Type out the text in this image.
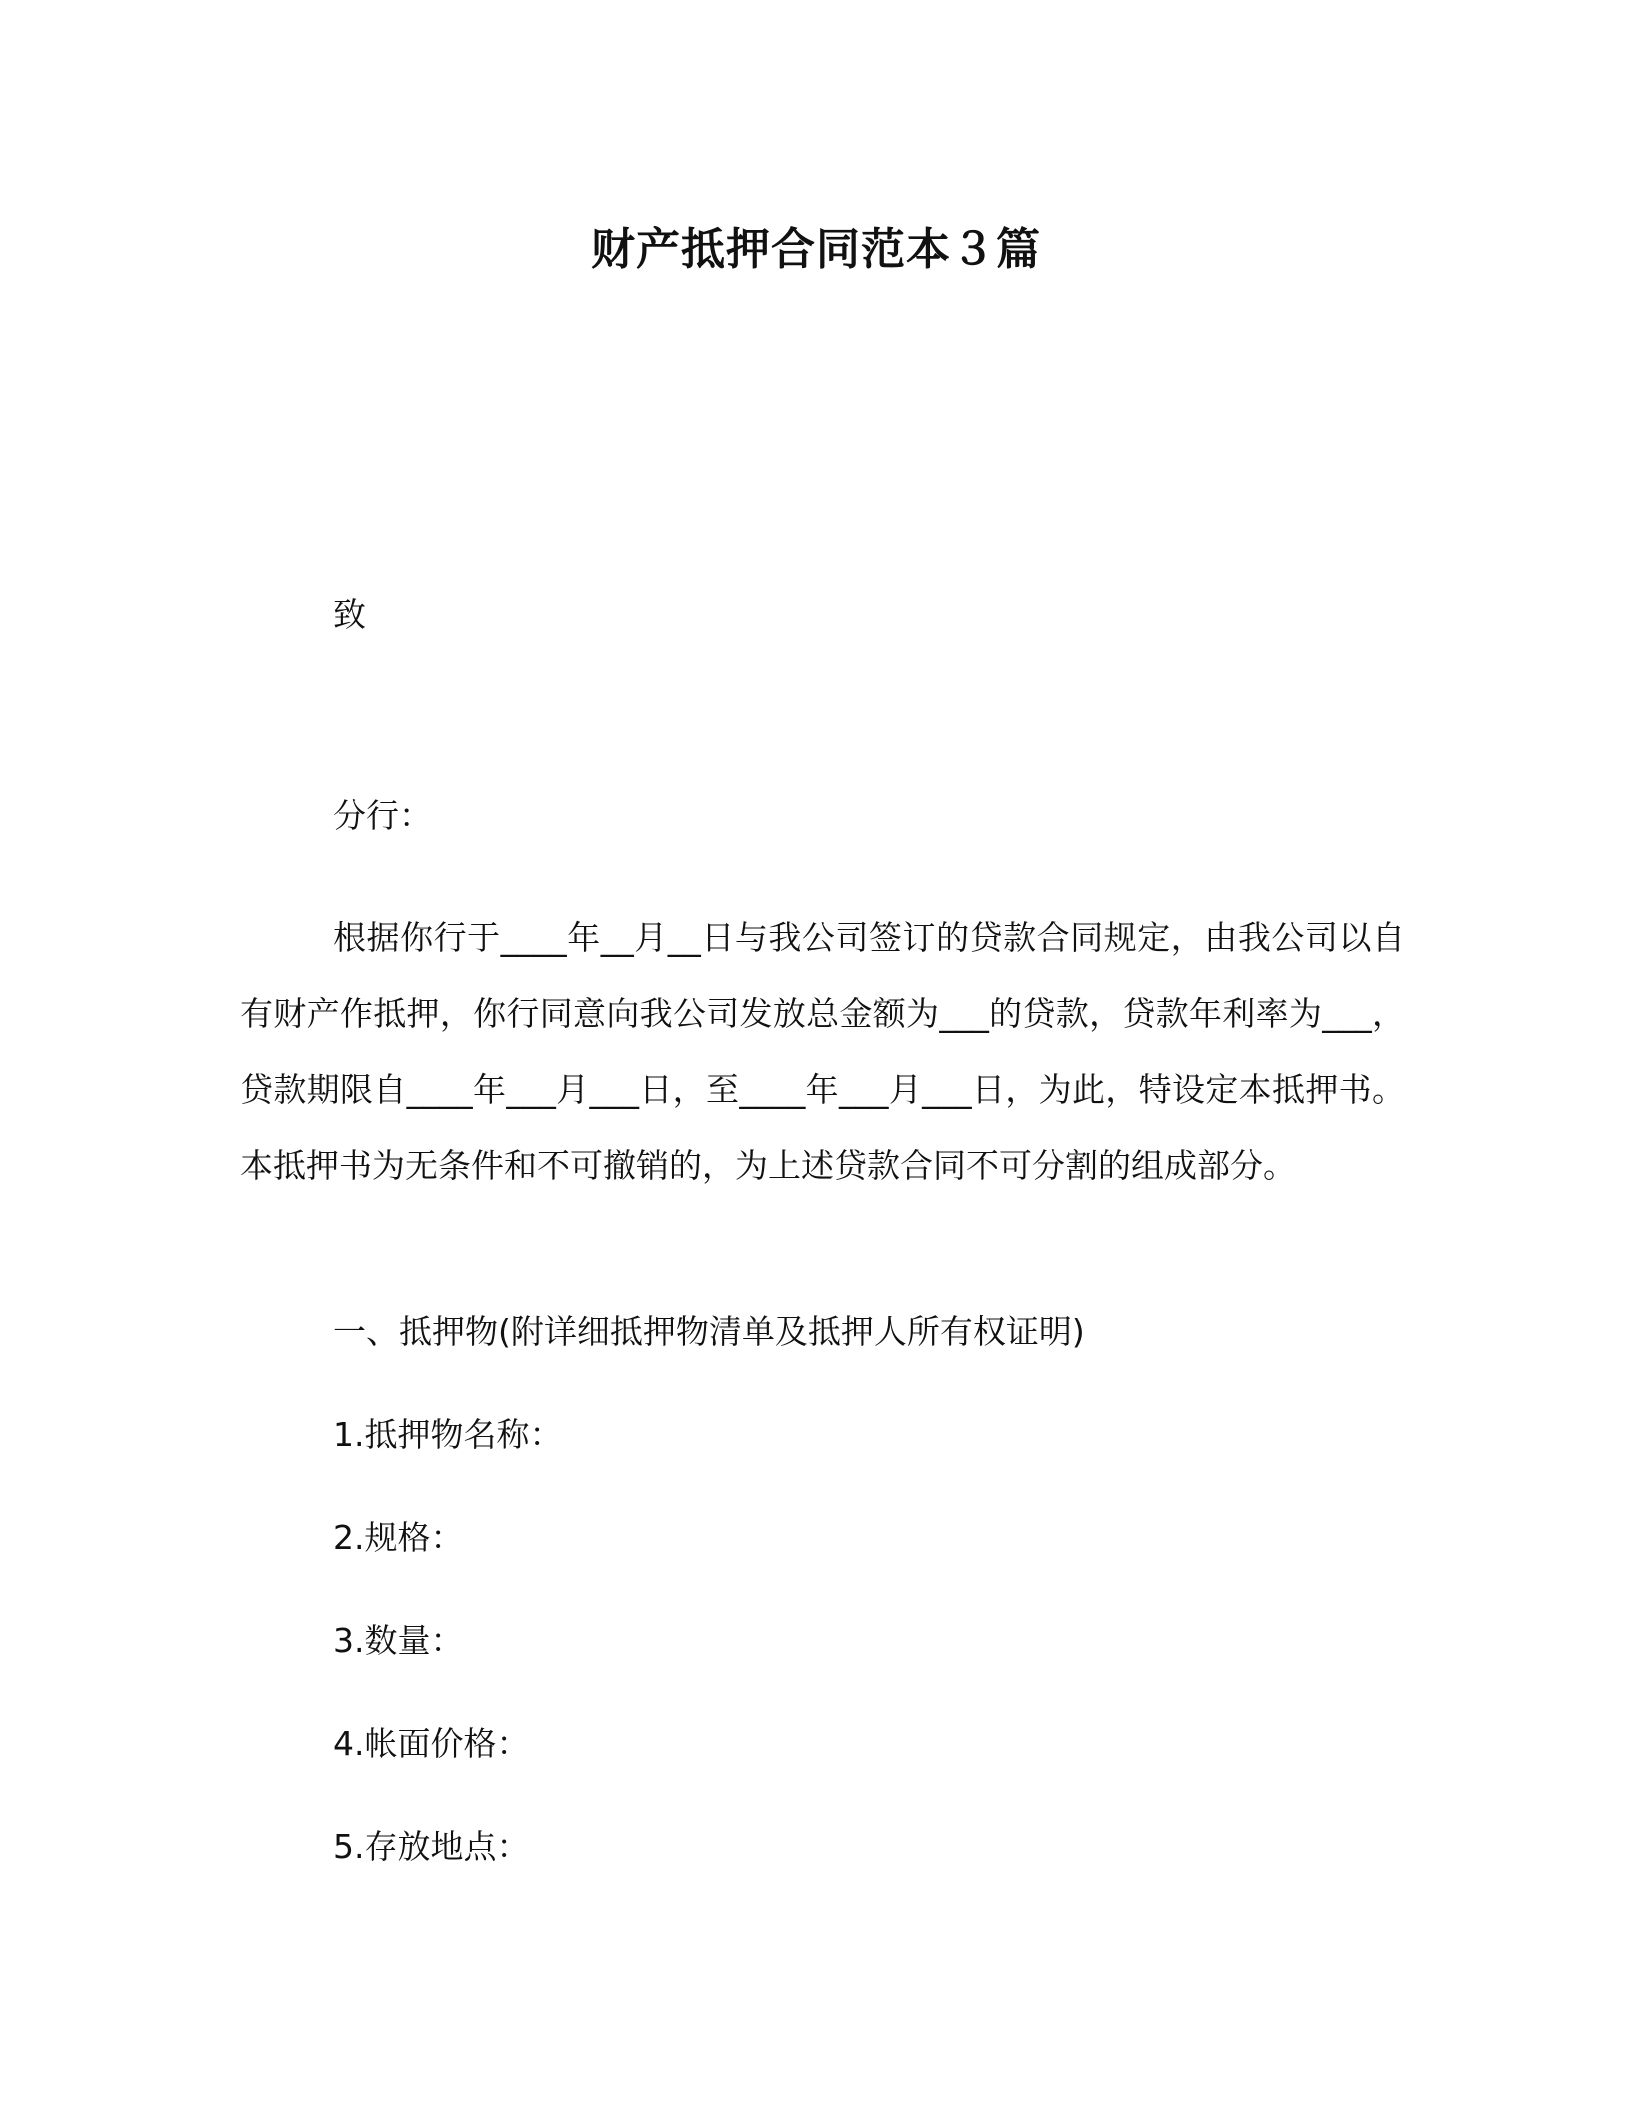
财产抵押合同范本３篇

致

分行：

根据你行于____年__月__日与我公司签订的贷款合同规定，由我公司以自有财产作抵押，你行同意向我公司发放总金额为___的贷款，贷款年利率为___，贷款期限自____年___月___日，至____年___月___日，为此，特设定本抵押书。本抵押书为无条件和不可撤销的，为上述贷款合同不可分割的组成部分。

一、抵押物(附详细抵押物清单及抵押人所有权证明)

1.抵押物名称：

2.规格：

3.数量：

4.帐面价格：

5.存放地点：
